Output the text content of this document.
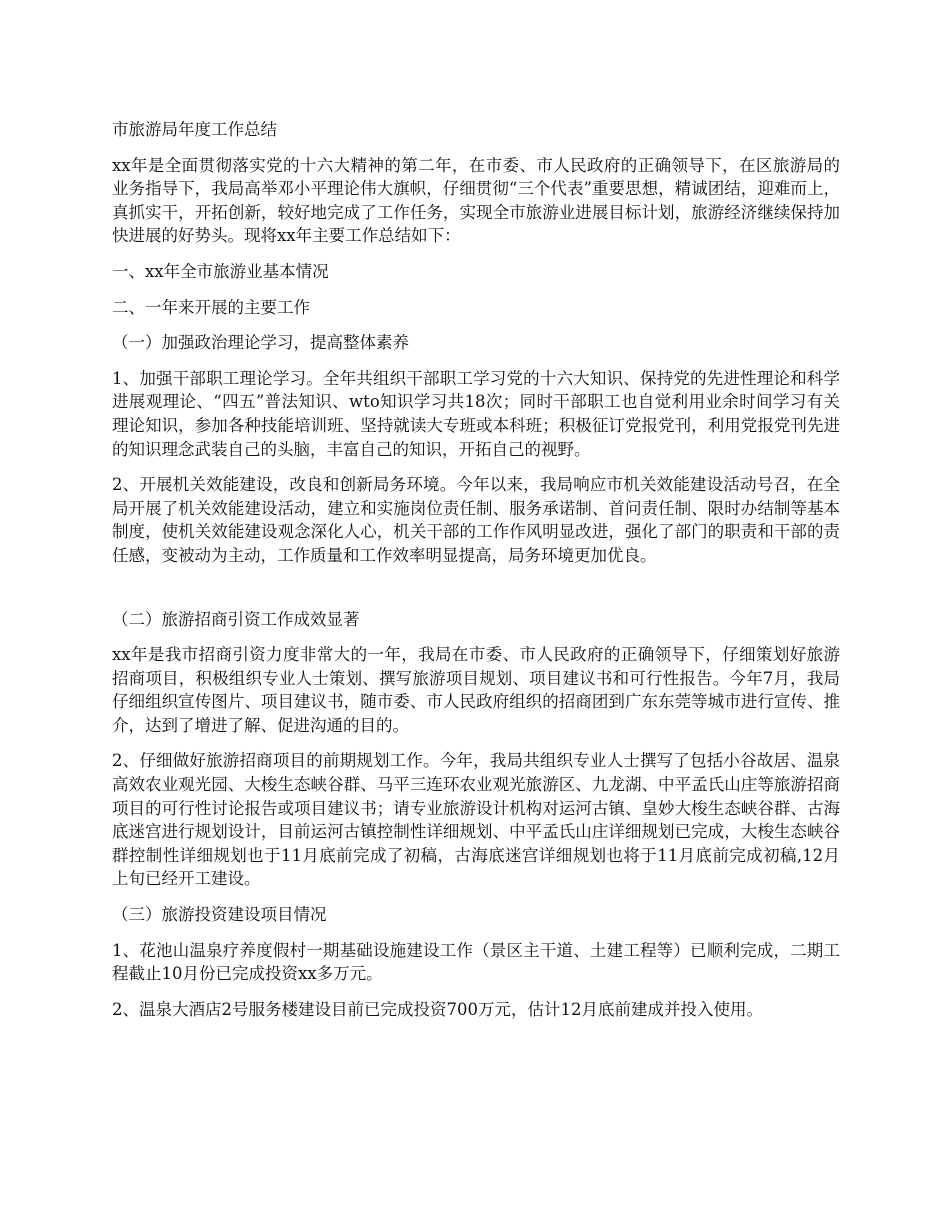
市旅游局年度工作总结

xx年是全面贯彻落实党的十六大精神的第二年，在市委、市人民政府的正确领导下，在区旅游局的业务指导下，我局高举邓小平理论伟大旗帜，仔细贯彻“三个代表”重要思想，精诚团结，迎难而上，真抓实干，开拓创新，较好地完成了工作任务，实现全市旅游业进展目标计划，旅游经济继续保持加快进展的好势头。现将xx年主要工作总结如下：

一、xx年全市旅游业基本情况

二、一年来开展的主要工作

（一）加强政治理论学习，提高整体素养

1、加强干部职工理论学习。全年共组织干部职工学习党的十六大知识、保持党的先进性理论和科学进展观理论、“四五”普法知识、wto知识学习共18次；同时干部职工也自觉利用业余时间学习有关理论知识，参加各种技能培训班、坚持就读大专班或本科班；积极征订党报党刊，利用党报党刊先进的知识理念武装自己的头脑，丰富自己的知识，开拓自己的视野。

2、开展机关效能建设，改良和创新局务环境。今年以来，我局响应市机关效能建设活动号召，在全局开展了机关效能建设活动，建立和实施岗位责任制、服务承诺制、首问责任制、限时办结制等基本制度，使机关效能建设观念深化人心，机关干部的工作作风明显改进，强化了部门的职责和干部的责任感，变被动为主动，工作质量和工作效率明显提高，局务环境更加优良。

（二）旅游招商引资工作成效显著

xx年是我市招商引资力度非常大的一年，我局在市委、市人民政府的正确领导下，仔细策划好旅游招商项目，积极组织专业人士策划、撰写旅游项目规划、项目建议书和可行性报告。今年7月，我局仔细组织宣传图片、项目建议书，随市委、市人民政府组织的招商团到广东东莞等城市进行宣传、推介，达到了增进了解、促进沟通的目的。

2、仔细做好旅游招商项目的前期规划工作。今年，我局共组织专业人士撰写了包括小谷故居、温泉高效农业观光园、大梭生态峡谷群、马平三连环农业观光旅游区、九龙湖、中平孟氏山庄等旅游招商项目的可行性讨论报告或项目建议书；请专业旅游设计机构对运河古镇、皇妙大梭生态峡谷群、古海底迷宫进行规划设计，目前运河古镇控制性详细规划、中平孟氏山庄详细规划已完成，大梭生态峡谷群控制性详细规划也于11月底前完成了初稿，古海底迷宫详细规划也将于11月底前完成初稿,12月上旬已经开工建设。

（三）旅游投资建设项目情况

1、花池山温泉疗养度假村一期基础设施建设工作（景区主干道、土建工程等）已顺利完成，二期工程截止10月份已完成投资xx多万元。

2、温泉大酒店2号服务楼建设目前已完成投资700万元，估计12月底前建成并投入使用。
